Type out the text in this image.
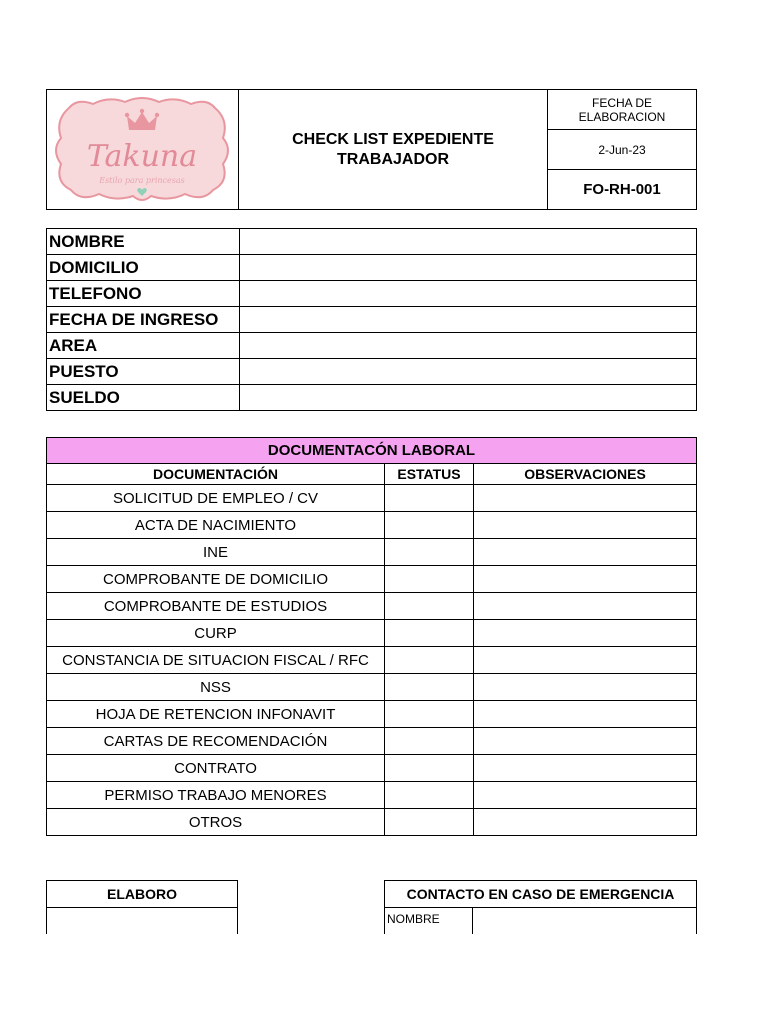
Takuna
Estilo para princesas
CHECK LIST EXPEDIENTE
TRABAJADOR
FECHA DE ELABORACION
2-Jun-23
FO-RH-001
NOMBRE	
DOMICILIO	
TELEFONO	
FECHA DE INGRESO	
AREA	
PUESTO	
SUELDO	
DOCUMENTACÓN LABORAL		
DOCUMENTACIÓN	ESTATUS	OBSERVACIONES
SOLICITUD DE EMPLEO / CV		
ACTA DE NACIMIENTO		
INE		
COMPROBANTE DE DOMICILIO		
COMPROBANTE DE ESTUDIOS		
CURP		
CONSTANCIA DE SITUACION FISCAL / RFC		
NSS		
HOJA DE RETENCION INFONAVIT		
CARTAS DE RECOMENDACIÓN		
CONTRATO		
PERMISO TRABAJO MENORES		
OTROS		
ELABORO	CONTACTO EN CASO DE EMERGENCIA
NOMBRE
